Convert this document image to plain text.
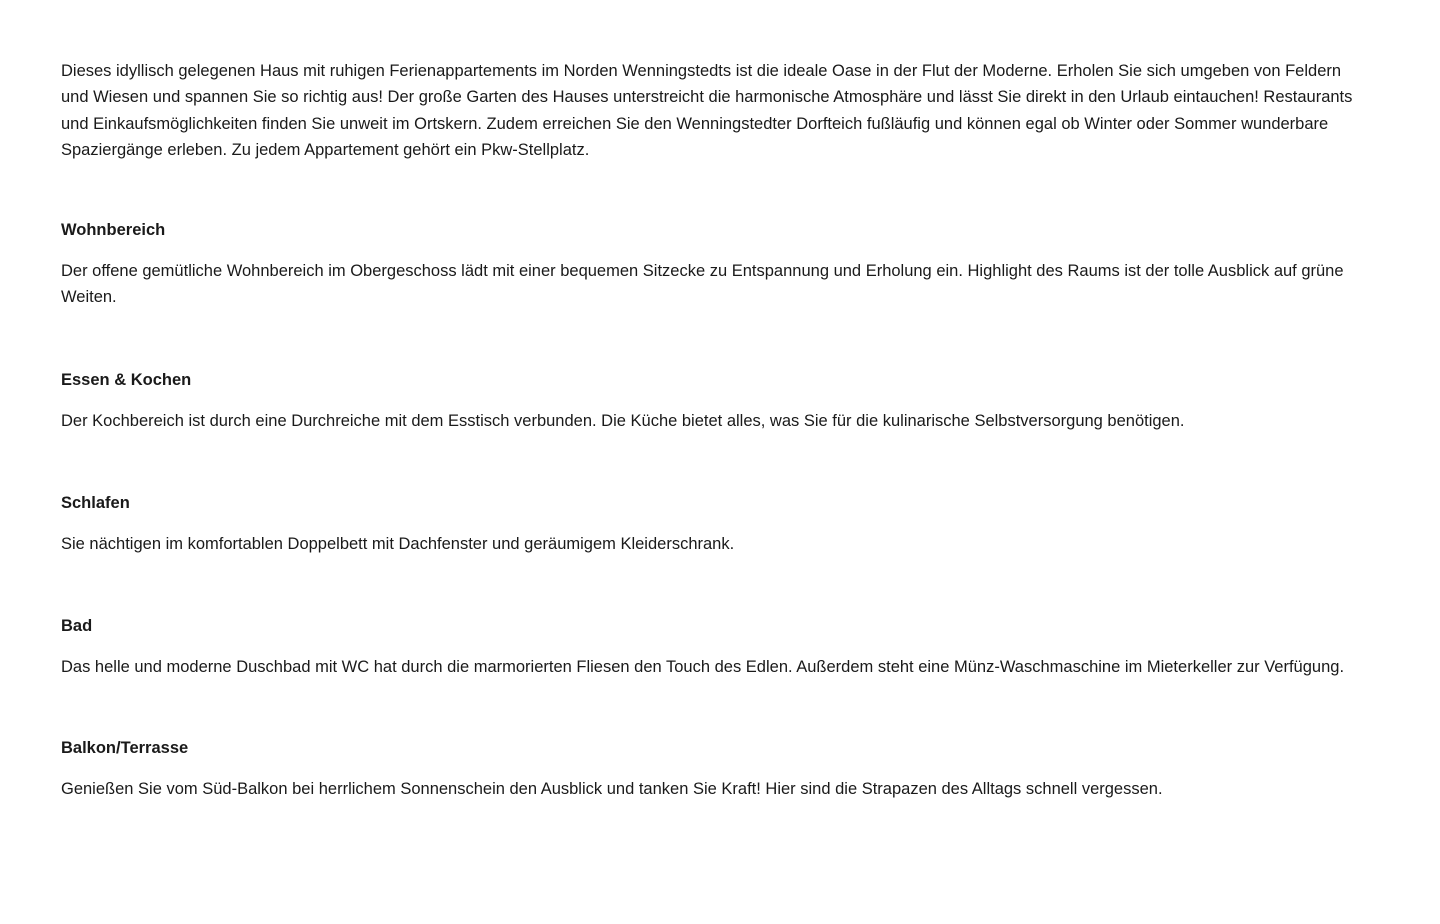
Dieses idyllisch gelegenen Haus mit ruhigen Ferienappartements im Norden Wenningstedts ist die ideale Oase in der Flut der Moderne. Erholen Sie sich umgeben von Feldern und Wiesen und spannen Sie so richtig aus! Der große Garten des Hauses unterstreicht die harmonische Atmosphäre und lässt Sie direkt in den Urlaub eintauchen! Restaurants und Einkaufsmöglichkeiten finden Sie unweit im Ortskern. Zudem erreichen Sie den Wenningstedter Dorfteich fußläufig und können egal ob Winter oder Sommer wunderbare Spaziergänge erleben. Zu jedem Appartement gehört ein Pkw-Stellplatz.

Wohnbereich

Der offene gemütliche Wohnbereich im Obergeschoss lädt mit einer bequemen Sitzecke zu Entspannung und Erholung ein. Highlight des Raums ist der tolle Ausblick auf grüne Weiten.

Essen & Kochen

Der Kochbereich ist durch eine Durchreiche mit dem Esstisch verbunden. Die Küche bietet alles, was Sie für die kulinarische Selbstversorgung benötigen.

Schlafen

Sie nächtigen im komfortablen Doppelbett mit Dachfenster und geräumigem Kleiderschrank.

Bad

Das helle und moderne Duschbad mit WC hat durch die marmorierten Fliesen den Touch des Edlen. Außerdem steht eine Münz-Waschmaschine im Mieterkeller zur Verfügung.

Balkon/Terrasse

Genießen Sie vom Süd-Balkon bei herrlichem Sonnenschein den Ausblick und tanken Sie Kraft! Hier sind die Strapazen des Alltags schnell vergessen.
